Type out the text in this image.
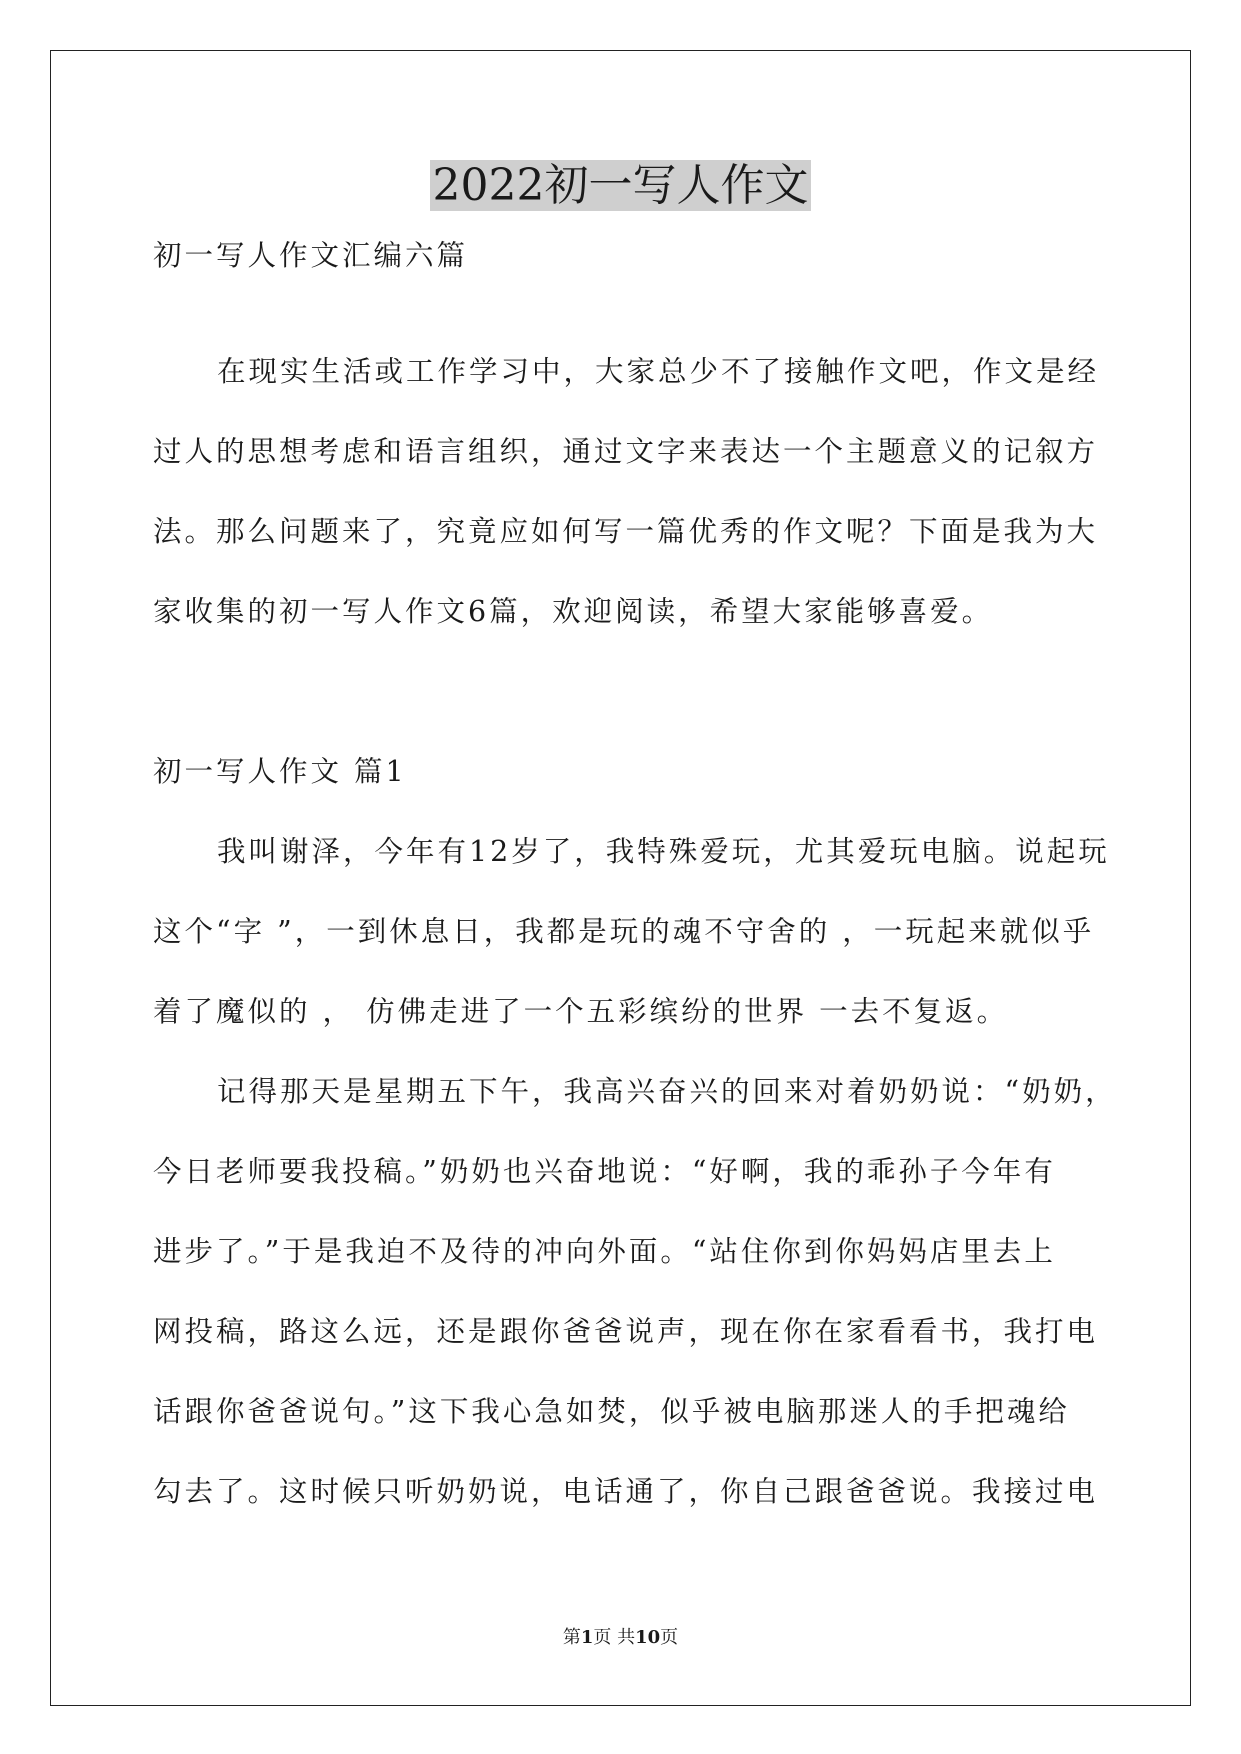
2022初一写人作文
初一写人作文汇编六篇
在现实生活或工作学习中，大家总少不了接触作文吧，作文是经
过人的思想考虑和语言组织，通过文字来表达一个主题意义的记叙方
法。那么问题来了，究竟应如何写一篇优秀的作文呢？下面是我为大
家收集的初一写人作文6篇，欢迎阅读，希望大家能够喜爱。
初一写人作文 篇1
我叫谢泽，今年有12岁了，我特殊爱玩，尤其爱玩电脑。说起玩
这个“字 ”，一到休息日，我都是玩的魂不守舍的 ，一玩起来就似乎
着了魔似的 ， 仿佛走进了一个五彩缤纷的世界 一去不复返。
记得那天是星期五下午，我高兴奋兴的回来对着奶奶说：“奶奶，
今日老师要我投稿。”奶奶也兴奋地说：“好啊，我的乖孙子今年有
进步了。”于是我迫不及待的冲向外面。“站住你到你妈妈店里去上
网投稿，路这么远，还是跟你爸爸说声，现在你在家看看书，我打电
话跟你爸爸说句。”这下我心急如焚，似乎被电脑那迷人的手把魂给
勾去了。这时候只听奶奶说，电话通了，你自己跟爸爸说。我接过电
第1页 共10页
